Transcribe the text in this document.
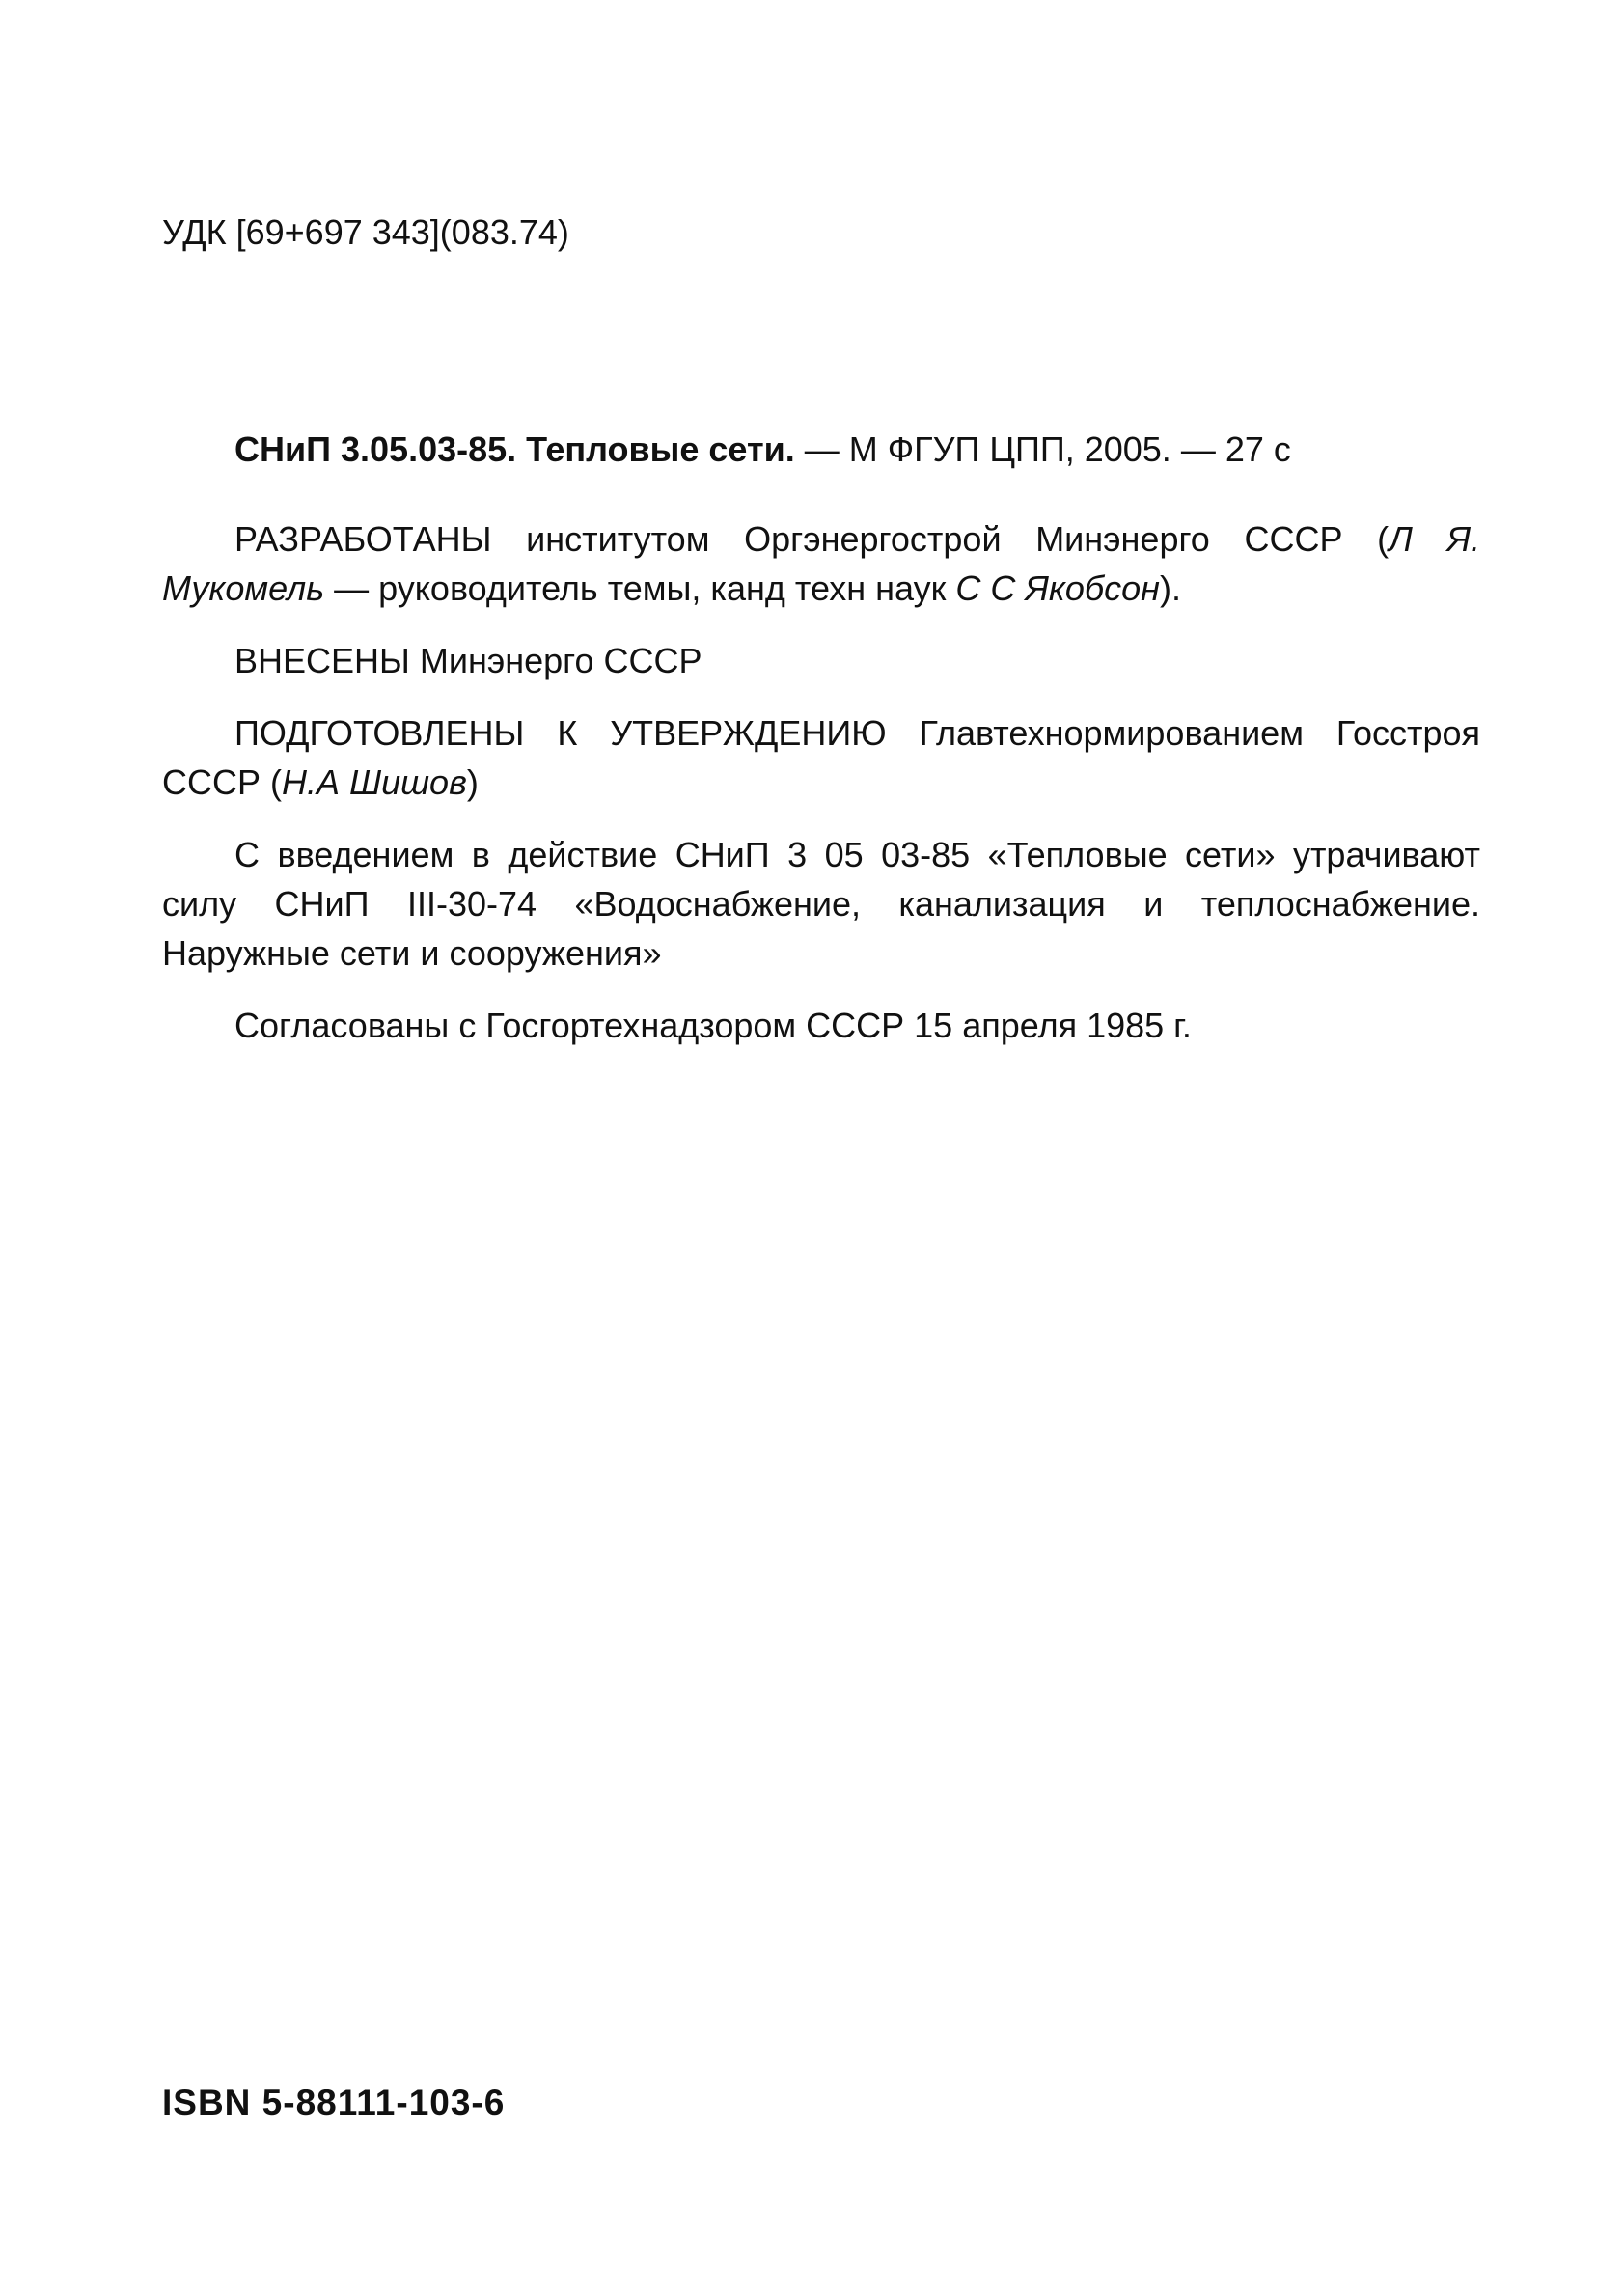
УДК [69+697 343](083.74)
СНиП 3.05.03-85. Тепловые сети. — М ФГУП ЦПП, 2005. — 27 с

РАЗРАБОТАНЫ институтом Оргэнергострой Минэнерго СССР (Л Я. Мукомель — руководитель темы, канд техн наук С С Якобсон).

ВНЕСЕНЫ Минэнерго СССР

ПОДГОТОВЛЕНЫ К УТВЕРЖДЕНИЮ Главтехнормированием Госстроя СССР (Н.А Шишов)

С введением в действие СНиП 3 05 03-85 «Тепловые сети» утрачивают силу СНиП III-30-74 «Водоснабжение, канализация и теплоснабжение. Наружные сети и сооружения»

Согласованы с Госгортехнадзором СССР 15 апреля 1985 г.

ISBN 5-88111-103-6
